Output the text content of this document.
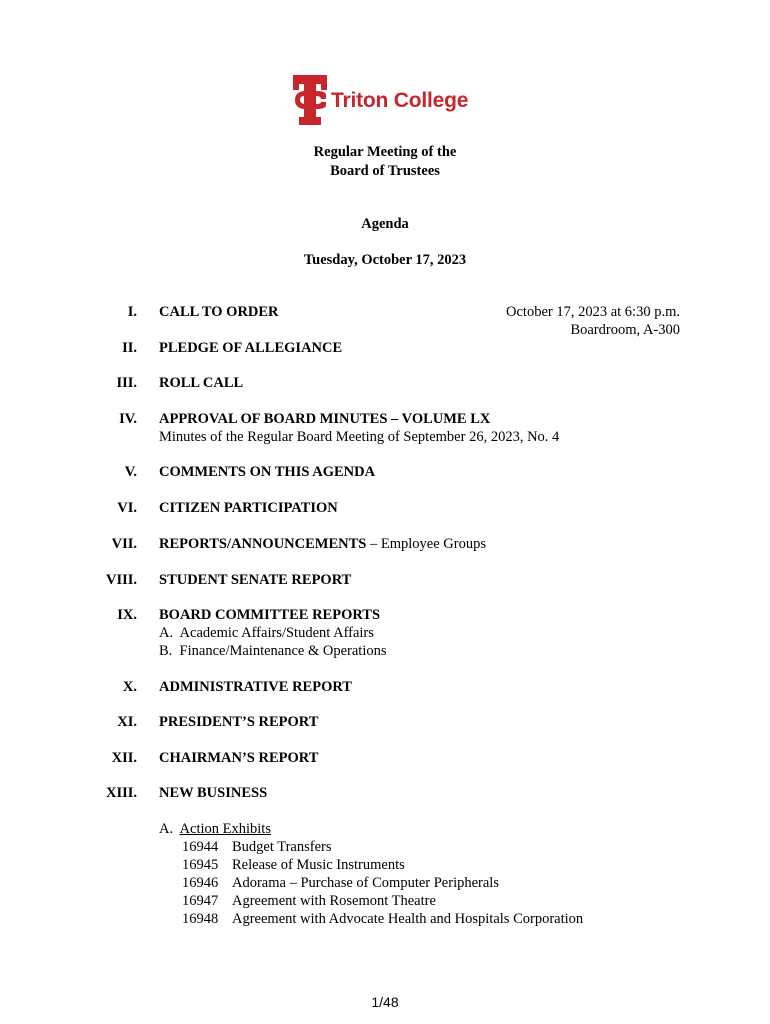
Triton College
Regular Meeting of the
Board of Trustees
Agenda
Tuesday, October 17, 2023
I. CALL TO ORDER	October 17, 2023 at 6:30 p.m.
Boardroom, A-300
II. PLEDGE OF ALLEGIANCE
III. ROLL CALL
IV. APPROVAL OF BOARD MINUTES – VOLUME LX
Minutes of the Regular Board Meeting of September 26, 2023, No. 4
V. COMMENTS ON THIS AGENDA
VI. CITIZEN PARTICIPATION
VII. REPORTS/ANNOUNCEMENTS – Employee Groups
VIII. STUDENT SENATE REPORT
IX. BOARD COMMITTEE REPORTS
A.  Academic Affairs/Student Affairs
B.  Finance/Maintenance & Operations
X. ADMINISTRATIVE REPORT
XI. PRESIDENT’S REPORT
XII. CHAIRMAN’S REPORT
XIII. NEW BUSINESS
A.  Action Exhibits
16944 Budget Transfers
16945 Release of Music Instruments
16946 Adorama – Purchase of Computer Peripherals
16947 Agreement with Rosemont Theatre
16948 Agreement with Advocate Health and Hospitals Corporation
1/48
